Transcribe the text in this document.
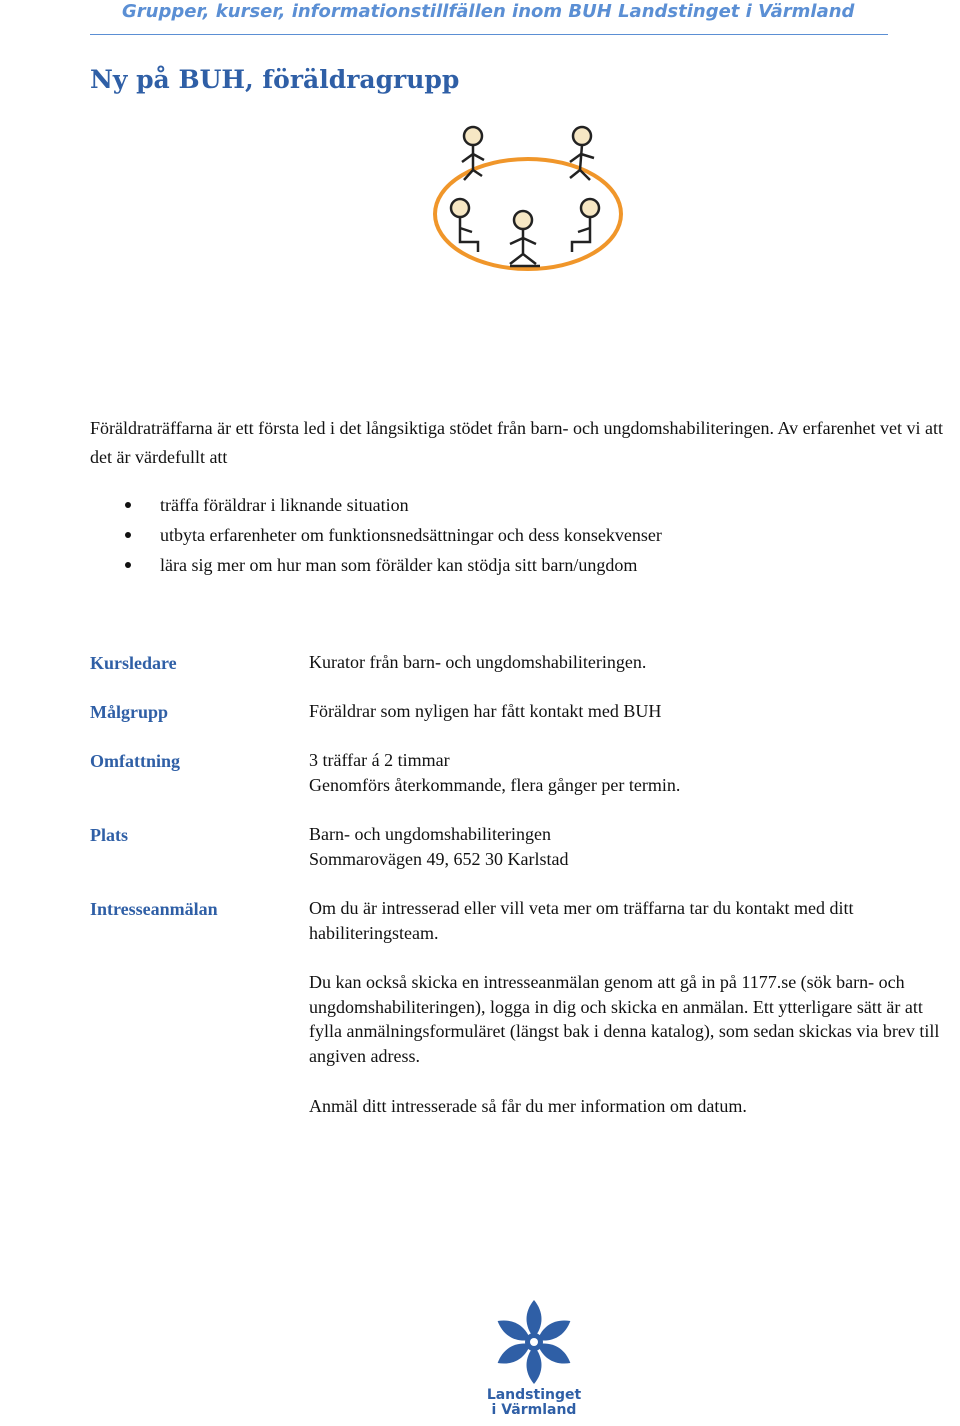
Grupper, kurser, informationstillfällen inom BUH Landstinget i Värmland
Ny på BUH, föräldragrupp
Föräldraträffarna är ett första led i det långsiktiga stödet från barn- och ungdomshabiliteringen. Av erfarenhet vet vi att det är värdefullt att
träffa föräldrar i liknande situation
utbyta erfarenheter om funktionsnedsättningar och dess konsekvenser
lära sig mer om hur man som förälder kan stödja sitt barn/ungdom
Kursledare	Kurator från barn- och ungdomshabiliteringen.
Målgrupp	Föräldrar som nyligen har fått kontakt med BUH
Omfattning	3 träffar á 2 timmar

Genomförs återkommande, flera gånger per termin.

Plats	Barn- och ungdomshabiliteringen

Sommarovägen 49, 652 30 Karlstad

Intresseanmälan	Om du är intresserad eller vill veta mer om träffarna tar du kontakt med ditt habiliteringsteam.
Du kan också skicka en intresseanmälan genom att gå in på 1177.se (sök barn- och ungdomshabiliteringen), logga in dig och skicka en anmälan. Ett ytterligare sätt är att fylla anmälningsformuläret (längst bak i denna katalog), som sedan skickas via brev till angiven adress.
Anmäl ditt intresserade så får du mer information om datum.
Landstinget
i Värmland
